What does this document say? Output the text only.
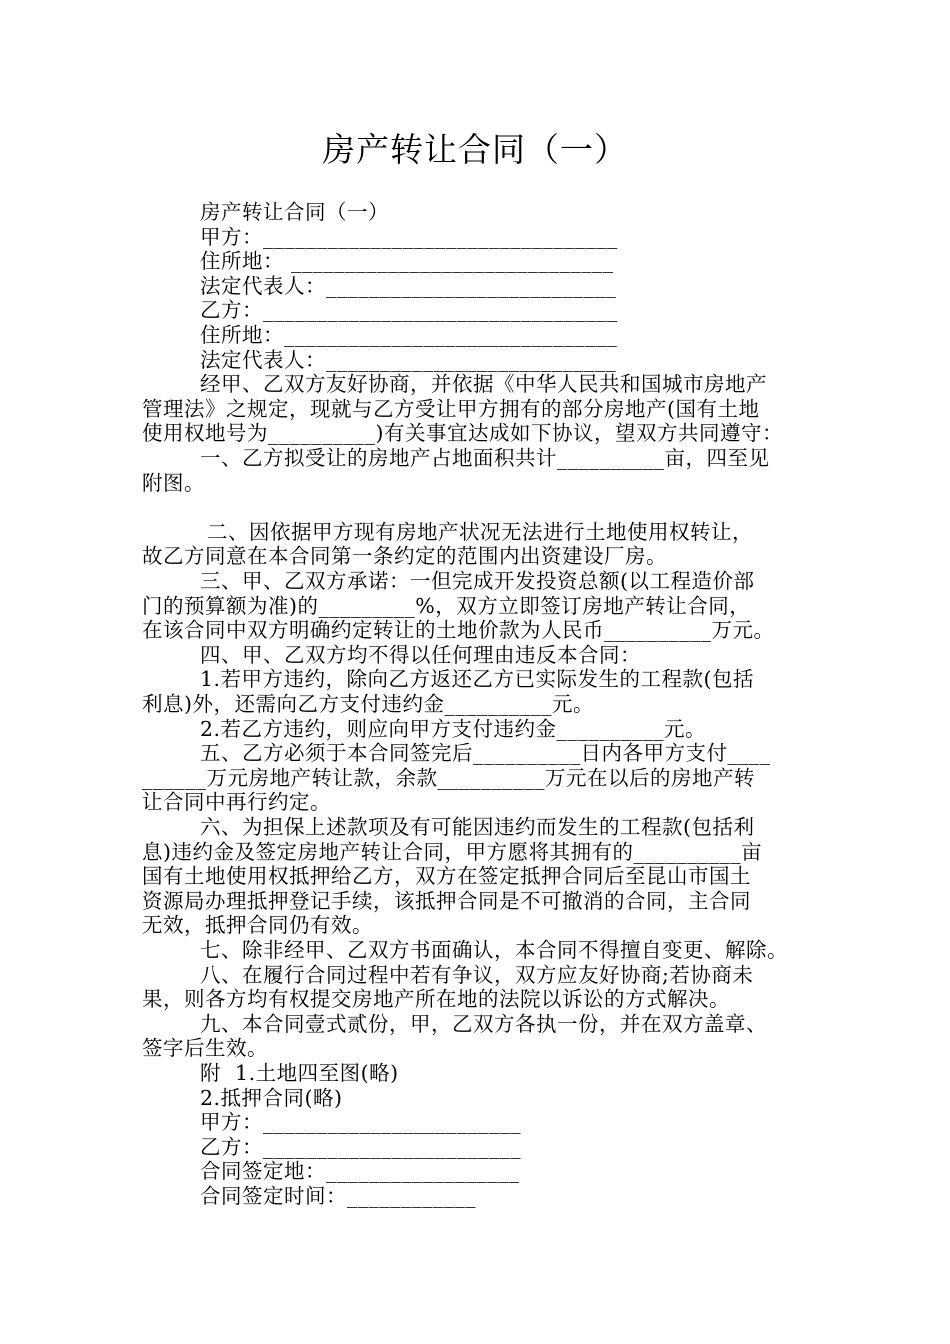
房产转让合同（一）
房产转让合同（一）
甲方：_________________________________
住所地： ______________________________
法定代表人：___________________________
乙方：_________________________________
住所地：_______________________________
法定代表人：___________________________
经甲、乙双方友好协商，并依据《中华人民共和国城市房地产
管理法》之规定，现就与乙方受让甲方拥有的部分房地产(国有土地
使用权地号为__________)有关事宜达成如下协议，望双方共同遵守：
一、乙方拟受让的房地产占地面积共计__________亩，四至见
附图。
二、因依据甲方现有房地产状况无法进行土地使用权转让，
故乙方同意在本合同第一条约定的范围内出资建设厂房。
三、甲、乙双方承诺：一但完成开发投资总额(以工程造价部
门的预算额为准)的_________%，双方立即签订房地产转让合同，
在该合同中双方明确约定转让的土地价款为人民币__________万元。
四、甲、乙双方均不得以任何理由违反本合同：
1.若甲方违约，除向乙方返还乙方已实际发生的工程款(包括
利息)外，还需向乙方支付违约金__________元。
2.若乙方违约，则应向甲方支付违约金__________元。
五、乙方必须于本合同签完后__________日内各甲方支付____
______万元房地产转让款，余款__________万元在以后的房地产转
让合同中再行约定。
六、为担保上述款项及有可能因违约而发生的工程款(包括利
息)违约金及签定房地产转让合同，甲方愿将其拥有的__________亩
国有土地使用权抵押给乙方，双方在签定抵押合同后至昆山市国土
资源局办理抵押登记手续，该抵押合同是不可撤消的合同，主合同
无效，抵押合同仍有效。
七、除非经甲、乙双方书面确认，本合同不得擅自变更、解除。
八、在履行合同过程中若有争议，双方应友好协商;若协商未
果，则各方均有权提交房地产所在地的法院以诉讼的方式解决。
九、本合同壹式贰份，甲，乙双方各执一份，并在双方盖章、
签字后生效。
附  1.土地四至图(略)
2.抵押合同(略)
甲方：________________________
乙方：________________________
合同签定地：__________________
合同签定时间：____________
